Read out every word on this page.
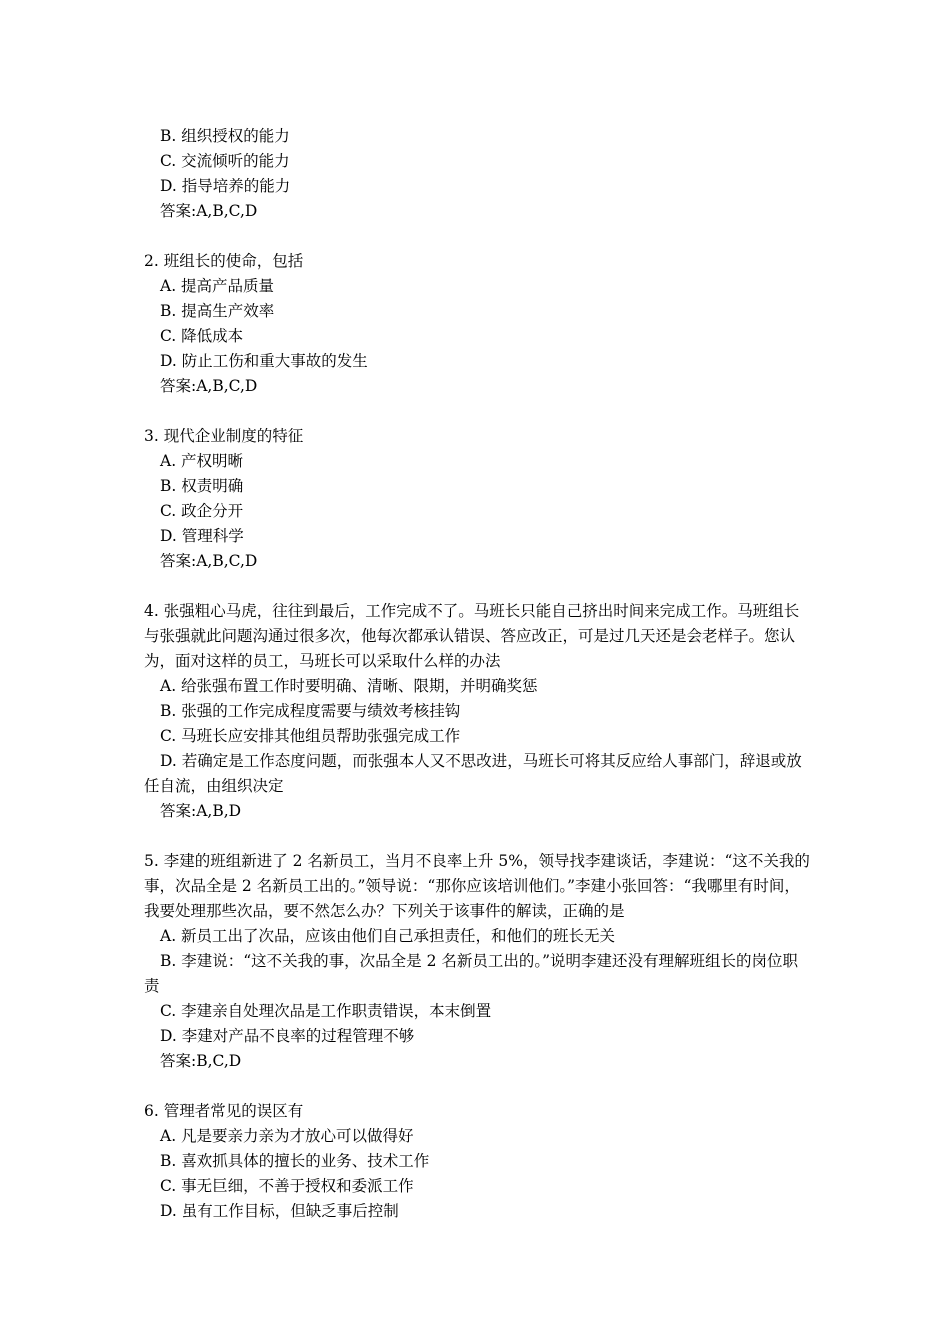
B. 组织授权的能力
C. 交流倾听的能力
D. 指导培养的能力
答案:A,B,C,D
2. 班组长的使命，包括
A. 提高产品质量
B. 提高生产效率
C. 降低成本
D. 防止工伤和重大事故的发生
答案:A,B,C,D
3. 现代企业制度的特征
A. 产权明晰
B. 权责明确
C. 政企分开
D. 管理科学
答案:A,B,C,D
4. 张强粗心马虎，往往到最后，工作完成不了。马班长只能自己挤出时间来完成工作。马班组长与张强就此问题沟通过很多次，他每次都承认错误、答应改正，可是过几天还是会老样子。您认为，面对这样的员工，马班长可以采取什么样的办法
A. 给张强布置工作时要明确、清晰、限期，并明确奖惩
B. 张强的工作完成程度需要与绩效考核挂钩
C. 马班长应安排其他组员帮助张强完成工作
D. 若确定是工作态度问题，而张强本人又不思改进，马班长可将其反应给人事部门，辞退或放任自流，由组织决定
答案:A,B,D
5. 李建的班组新进了 2 名新员工，当月不良率上升 5%，领导找李建谈话，李建说：“这不关我的事，次品全是 2 名新员工出的。”领导说：“那你应该培训他们。”李建小张回答：“我哪里有时间，我要处理那些次品，要不然怎么办？下列关于该事件的解读，正确的是
A. 新员工出了次品，应该由他们自己承担责任，和他们的班长无关
B. 李建说：“这不关我的事，次品全是 2 名新员工出的。”说明李建还没有理解班组长的岗位职责
C. 李建亲自处理次品是工作职责错误，本末倒置
D. 李建对产品不良率的过程管理不够
答案:B,C,D
6. 管理者常见的误区有
A. 凡是要亲力亲为才放心可以做得好
B. 喜欢抓具体的擅长的业务、技术工作
C. 事无巨细，不善于授权和委派工作
D. 虽有工作目标，但缺乏事后控制
